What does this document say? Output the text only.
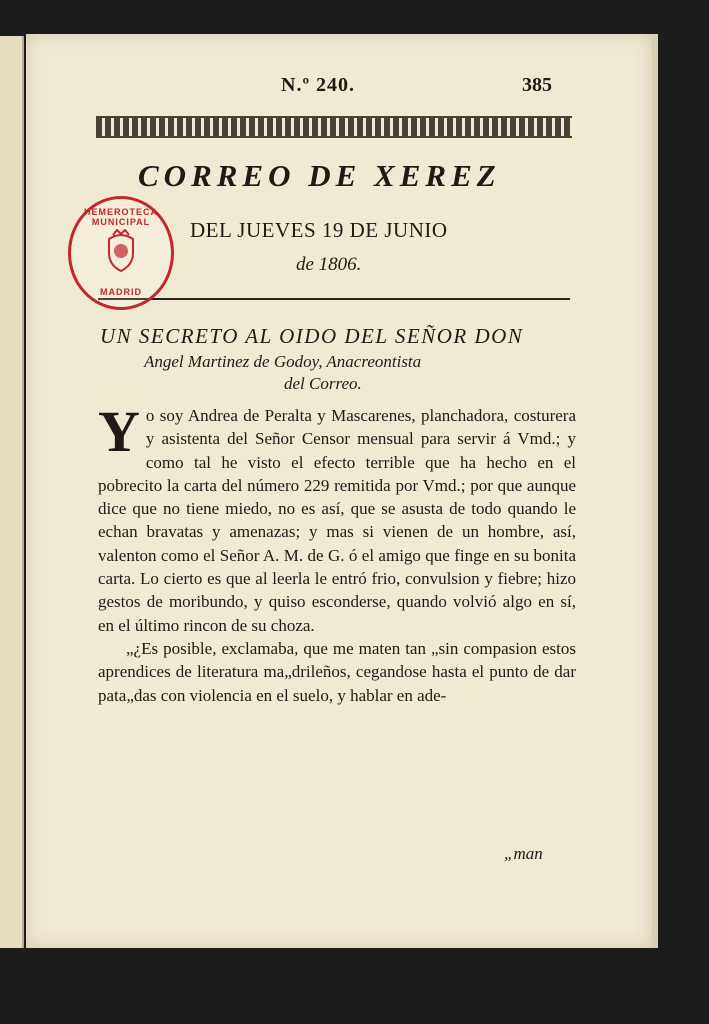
N.º 240.	385
CORREO DE XEREZ
DEL JUEVES 19 DE JUNIO
de 1806.
HEMEROTECA MUNICIPAL
MADRID
UN SECRETO AL OIDO DEL SEÑOR DON
Angel Martinez de Godoy, Anacreontista
del Correo.

Yo soy Andrea de Peralta y Mascarenes, planchadora, costurera y asistenta del Señor Censor mensual para servir á Vmd.; y como tal he visto el efecto terrible que ha hecho en el pobrecito la carta del número 229 remitida por Vmd.; por que aunque dice que no tiene miedo, no es así, que se asusta de todo quando le echan bravatas y amenazas; y mas si vienen de un hombre, así, valenton como el Señor A. M. de G. ó el amigo que finge en su bonita carta. Lo cierto es que al leerla le entró frio, convulsion y fiebre; hizo gestos de moribundo, y quiso esconderse, quando volvió algo en sí, en el último rincon de su choza.

„¿Es posible, exclamaba, que me maten tan „sin compasion estos aprendices de literatura ma„drileños, cegandose hasta el punto de dar pata„das con violencia en el suelo, y hablar en ade-

„man
